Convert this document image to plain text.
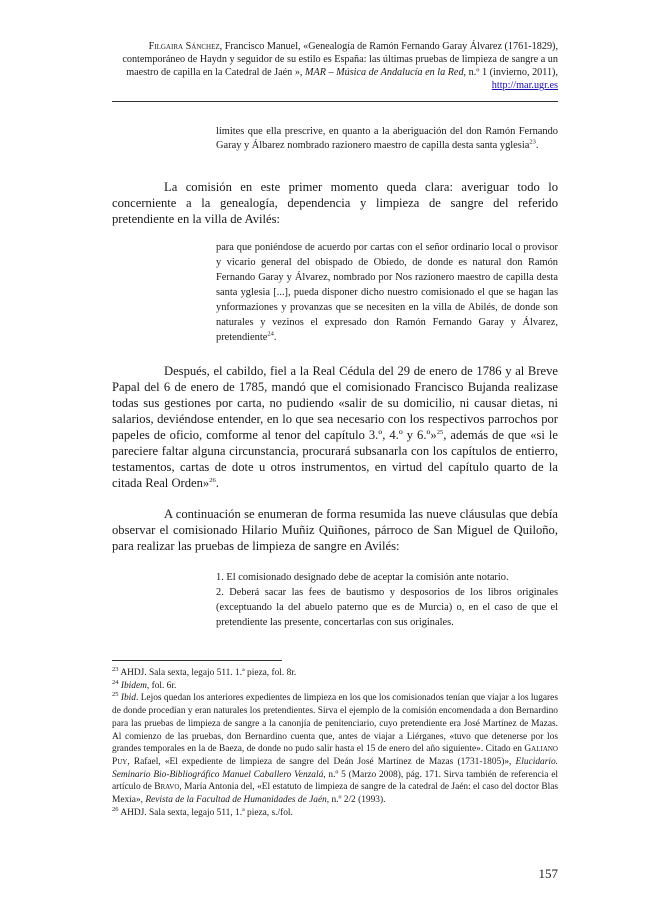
Filgaira Sánchez, Francisco Manuel, «Genealogía de Ramón Fernando Garay Álvarez (1761-1829), contemporáneo de Haydn y seguidor de su estilo es España: las últimas pruebas de limpieza de sangre a un maestro de capilla en la Catedral de Jaén », MAR – Música de Andalucía en la Red, n.º 1 (invierno, 2011), http://mar.ugr.es
límites que ella prescrive, en quanto a la aberiguación del don Ramón Fernando Garay y Álbarez nombrado razionero maestro de capilla desta santa yglesia$^{23}$.
La comisión en este primer momento queda clara: averiguar todo lo concerniente a la genealogía, dependencia y limpieza de sangre del referido pretendiente en la villa de Avilés:
para que poniéndose de acuerdo por cartas con el señor ordinario local o provisor y vicario general del obispado de Obiedo, de donde es natural don Ramón Fernando Garay y Álvarez, nombrado por Nos razionero maestro de capilla desta santa yglesia [...], pueda disponer dicho nuestro comisionado el que se hagan las ynformaziones y provanzas que se necesiten en la villa de Abilés, de donde son naturales y vezinos el expresado don Ramón Fernando Garay y Álvarez, pretendiente$^{24}$.
Después, el cabildo, fiel a la Real Cédula del 29 de enero de 1786 y al Breve Papal del 6 de enero de 1785, mandó que el comisionado Francisco Bujanda realizase todas sus gestiones por carta, no pudiendo «salir de su domicilio, ni causar dietas, ni salarios, deviéndose entender, en lo que sea necesario con los respectivos parrochos por papeles de oficio, comforme al tenor del capítulo 3.º, 4.º y 6.º»$^{25}$, además de que «si le pareciere faltar alguna circunstancia, procurará subsanarla con los capítulos de entierro, testamentos, cartas de dote u otros instrumentos, en virtud del capítulo quarto de la citada Real Orden»$^{26}$.
A continuación se enumeran de forma resumida las nueve cláusulas que debía observar el comisionado Hilario Muñiz Quiñones, párroco de San Miguel de Quiloño, para realizar las pruebas de limpieza de sangre en Avilés:

1. El comisionado designado debe de aceptar la comisión ante notario.

2. Deberá sacar las fees de bautismo y desposorios de los libros originales (exceptuando la del abuelo paterno que es de Murcia) o, en el caso de que el pretendiente las presente, concertarlas con sus originales.

$^{23}$ AHDJ. Sala sexta, legajo 511. 1.ª pieza, fol. 8r.

$^{24}$ Ibidem, fol. 6r.

$^{25}$ Ibid. Lejos quedan los anteriores expedientes de limpieza en los que los comisionados tenían que viajar a los lugares de donde procedían y eran naturales los pretendientes. Sirva el ejemplo de la comisión encomendada a don Bernardino para las pruebas de limpieza de sangre a la canonjía de penitenciario, cuyo pretendiente era José Martínez de Mazas. Al comienzo de las pruebas, don Bernardino cuenta que, antes de viajar a Liérganes, «tuvo que detenerse por los grandes temporales en la de Baeza, de donde no pudo salir hasta el 15 de enero del año siguiente». Citado en Galiano Puy, Rafael, «El expediente de limpieza de sangre del Deán José Martínez de Mazas (1731-1805)», Elucidario. Seminario Bio-Bibliográfico Manuel Caballero Venzalá, n.º 5 (Marzo 2008), pág. 171. Sirva también de referencia el artículo de Bravo, María Antonia del, «El estatuto de limpieza de sangre de la catedral de Jaén: el caso del doctor Blas Mexía», Revista de la Facultad de Humanidades de Jaén, n.º 2/2 (1993).

$^{26}$ AHDJ. Sala sexta, legajo 511, 1.ª pieza, s./fol.

157
